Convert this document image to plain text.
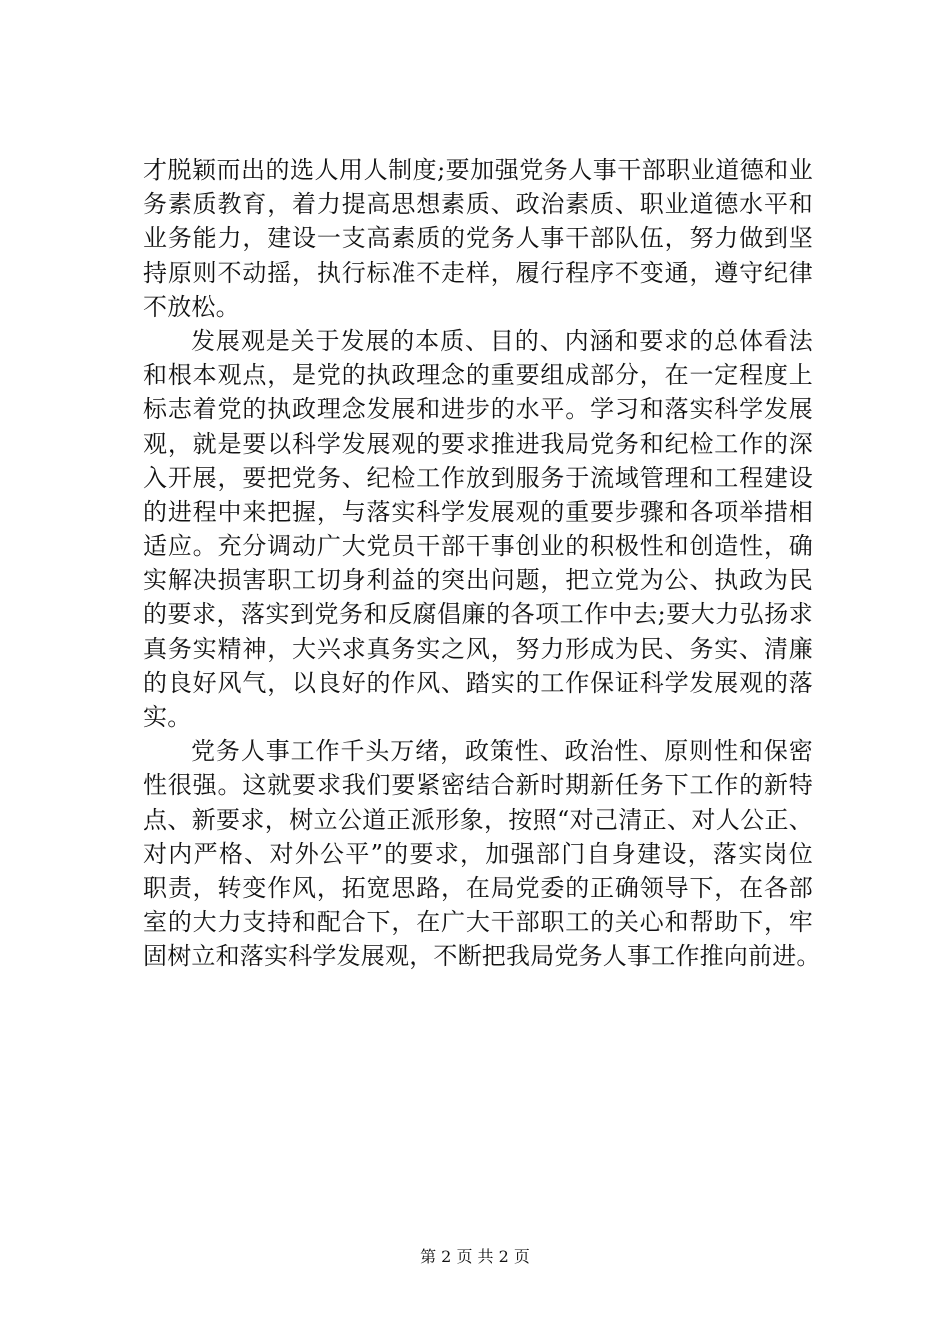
才脱颖而出的选人用人制度;要加强党务人事干部职业道德和业
务素质教育，着力提高思想素质、政治素质、职业道德水平和
业务能力，建设一支高素质的党务人事干部队伍，努力做到坚
持原则不动摇，执行标准不走样，履行程序不变通，遵守纪律
不放松。
发展观是关于发展的本质、目的、内涵和要求的总体看法
和根本观点，是党的执政理念的重要组成部分，在一定程度上
标志着党的执政理念发展和进步的水平。学习和落实科学发展
观，就是要以科学发展观的要求推进我局党务和纪检工作的深
入开展，要把党务、纪检工作放到服务于流域管理和工程建设
的进程中来把握，与落实科学发展观的重要步骤和各项举措相
适应。充分调动广大党员干部干事创业的积极性和创造性，确
实解决损害职工切身利益的突出问题，把立党为公、执政为民
的要求，落实到党务和反腐倡廉的各项工作中去;要大力弘扬求
真务实精神，大兴求真务实之风，努力形成为民、务实、清廉
的良好风气，以良好的作风、踏实的工作保证科学发展观的落
实。
党务人事工作千头万绪，政策性、政治性、原则性和保密
性很强。这就要求我们要紧密结合新时期新任务下工作的新特
点、新要求，树立公道正派形象，按照“对己清正、对人公正、
对内严格、对外公平”的要求，加强部门自身建设，落实岗位
职责，转变作风，拓宽思路，在局党委的正确领导下，在各部
室的大力支持和配合下，在广大干部职工的关心和帮助下，牢
固树立和落实科学发展观，不断把我局党务人事工作推向前进。
第 2 页 共 2 页
